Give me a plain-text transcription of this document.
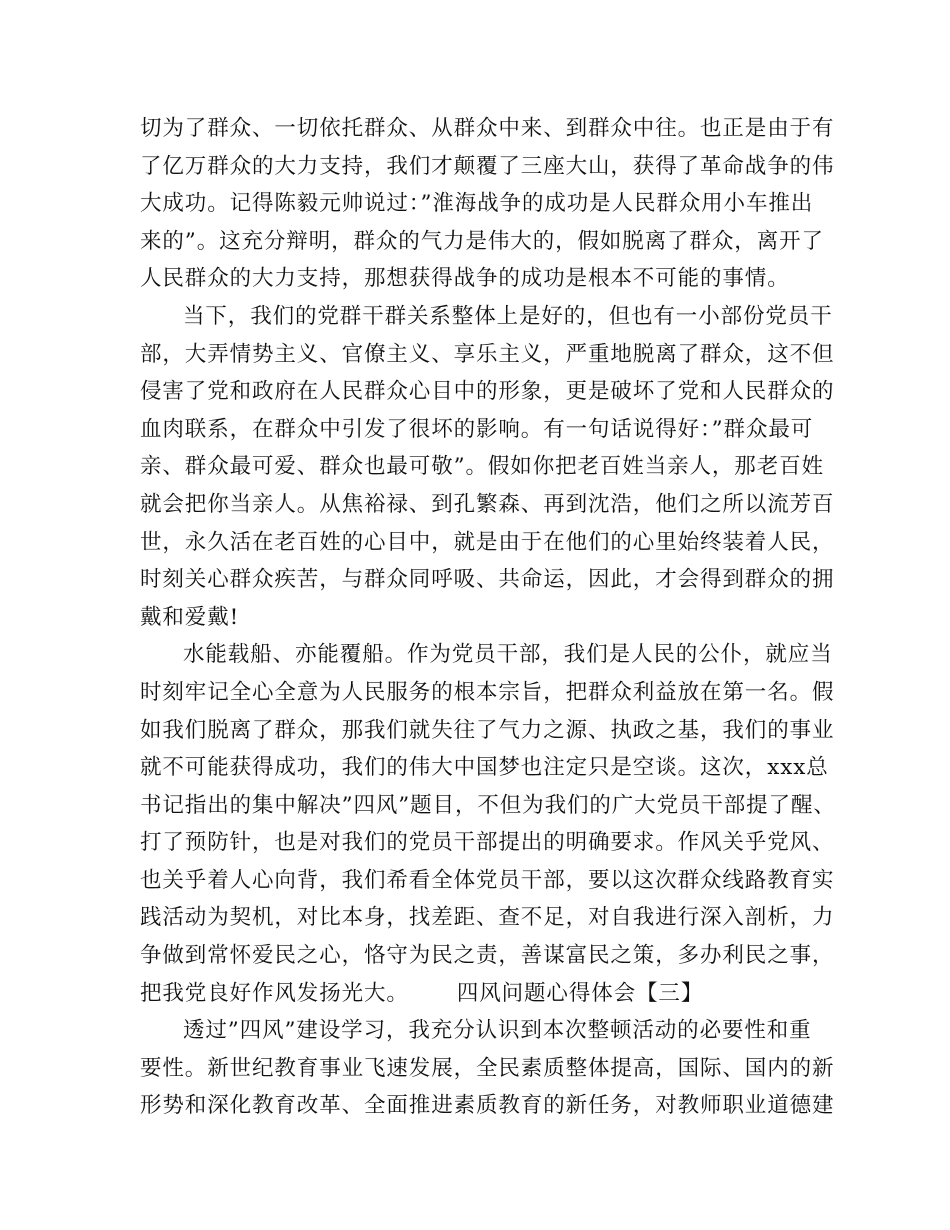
切为了群众、一切依托群众、从群众中来、到群众中往。也正是由于有
了亿万群众的大力支持，我们才颠覆了三座大山，获得了革命战争的伟
大成功。记得陈毅元帅说过：”淮海战争的成功是人民群众用小车推出
来的”。这充分辩明，群众的气力是伟大的，假如脱离了群众，离开了
人民群众的大力支持，那想获得战争的成功是根本不可能的事情。
当下，我们的党群干群关系整体上是好的，但也有一小部份党员干
部，大弄情势主义、官僚主义、享乐主义，严重地脱离了群众，这不但
侵害了党和政府在人民群众心目中的形象，更是破坏了党和人民群众的
血肉联系，在群众中引发了很坏的影响。有一句话说得好：”群众最可
亲、群众最可爱、群众也最可敬”。假如你把老百姓当亲人，那老百姓
就会把你当亲人。从焦裕禄、到孔繁森、再到沈浩，他们之所以流芳百
世，永久活在老百姓的心目中，就是由于在他们的心里始终装着人民，
时刻关心群众疾苦，与群众同呼吸、共命运，因此，才会得到群众的拥
戴和爱戴!
水能载船、亦能覆船。作为党员干部，我们是人民的公仆，就应当
时刻牢记全心全意为人民服务的根本宗旨，把群众利益放在第一名。假
如我们脱离了群众，那我们就失往了气力之源、执政之基，我们的事业
就不可能获得成功，我们的伟大中国梦也注定只是空谈。这次，xxx总
书记指出的集中解决”四风”题目，不但为我们的广大党员干部提了醒、
打了预防针，也是对我们的党员干部提出的明确要求。作风关乎党风、
也关乎着人心向背，我们希看全体党员干部，要以这次群众线路教育实
践活动为契机，对比本身，找差距、查不足，对自我进行深入剖析，力
争做到常怀爱民之心，恪守为民之责，善谋富民之策，多办利民之事，
把我党良好作风发扬光大。 四风问题心得体会【三】
透过”四风”建设学习，我充分认识到本次整顿活动的必要性和重
要性。新世纪教育事业飞速发展，全民素质整体提高，国际、国内的新
形势和深化教育改革、全面推进素质教育的新任务，对教师职业道德建
